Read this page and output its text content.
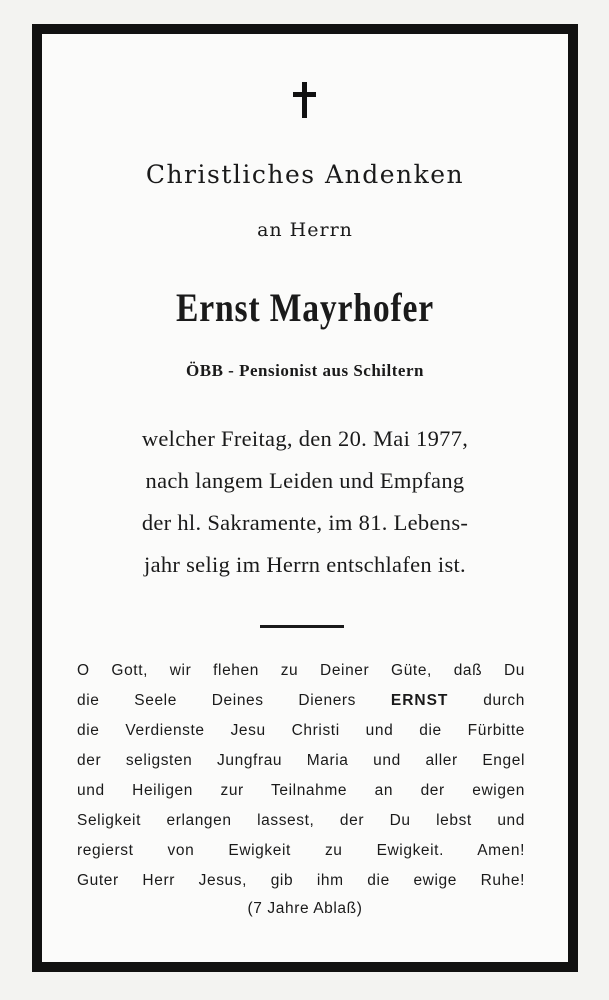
Christliches Andenken
an Herrn
Ernst Mayrhofer
ÖBB - Pensionist aus Schiltern
welcher Freitag, den 20. Mai 1977,
nach langem Leiden und Empfang
der hl. Sakramente, im 81. Lebens-
jahr selig im Herrn entschlafen ist.
O Gott, wir flehen zu Deiner Güte, daß Du
die Seele Deines Dieners ERNST durch
die Verdienste Jesu Christi und die Fürbitte
der seligsten Jungfrau Maria und aller Engel
und Heiligen zur Teilnahme an der ewigen
Seligkeit erlangen lassest, der Du lebst und
regierst von Ewigkeit zu Ewigkeit. Amen!
Guter Herr Jesus, gib ihm die ewige Ruhe!
(7 Jahre Ablaß)
